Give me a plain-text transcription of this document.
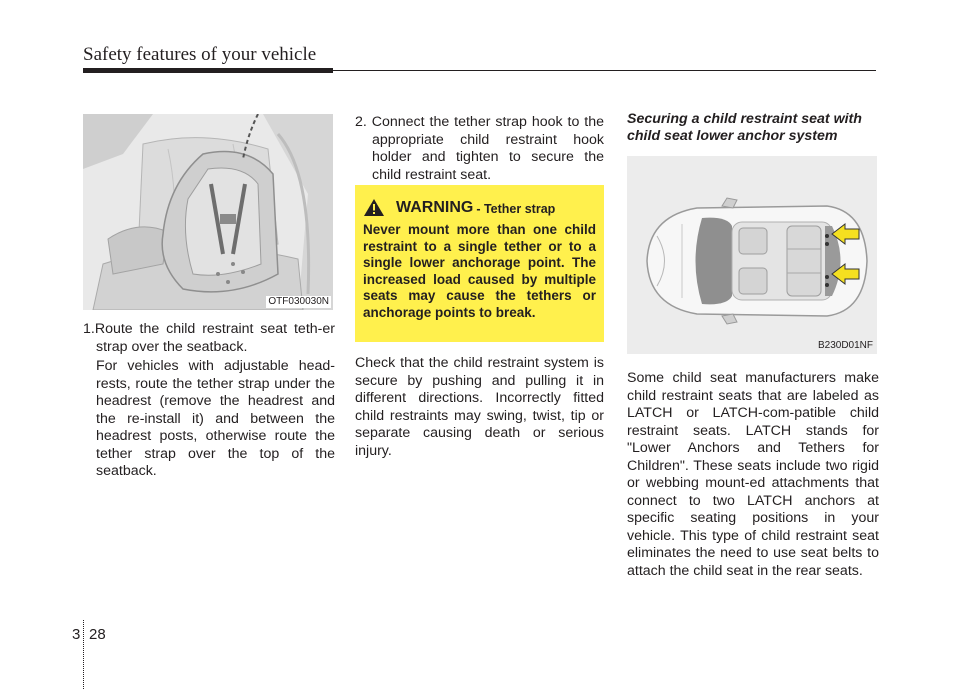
Safety features of your vehicle
OTF030030N

1.Route the child restraint seat teth-er strap over the seatback.

For vehicles with adjustable head-rests, route the tether strap under the headrest (remove the headrest and the re-install it) and between the headrest posts, otherwise route the tether strap over the top of the seatback.

2. Connect the tether strap hook to the appropriate child restraint hook holder and tighten to secure the child restraint seat.

WARNING - Tether strap
Never mount more than one child restraint to a single tether or to a single lower anchorage point. The increased load caused by multiple seats may cause the tethers or anchorage points to break.

Check that the child restraint system is secure by pushing and pulling it in different directions. Incorrectly fitted child restraints may swing, twist, tip or separate causing death or serious injury.

Securing a child restraint seat with child seat lower anchor system
B230D01NF

Some child seat manufacturers make child restraint seats that are labeled as LATCH or LATCH-com-patible child restraint seats. LATCH stands for "Lower Anchors and Tethers for Children". These seats include two rigid or webbing mount-ed attachments that connect to two LATCH anchors at specific seating positions in your vehicle. This type of child restraint seat eliminates the need to use seat belts to attach the child seat in the rear seats.

3 28
